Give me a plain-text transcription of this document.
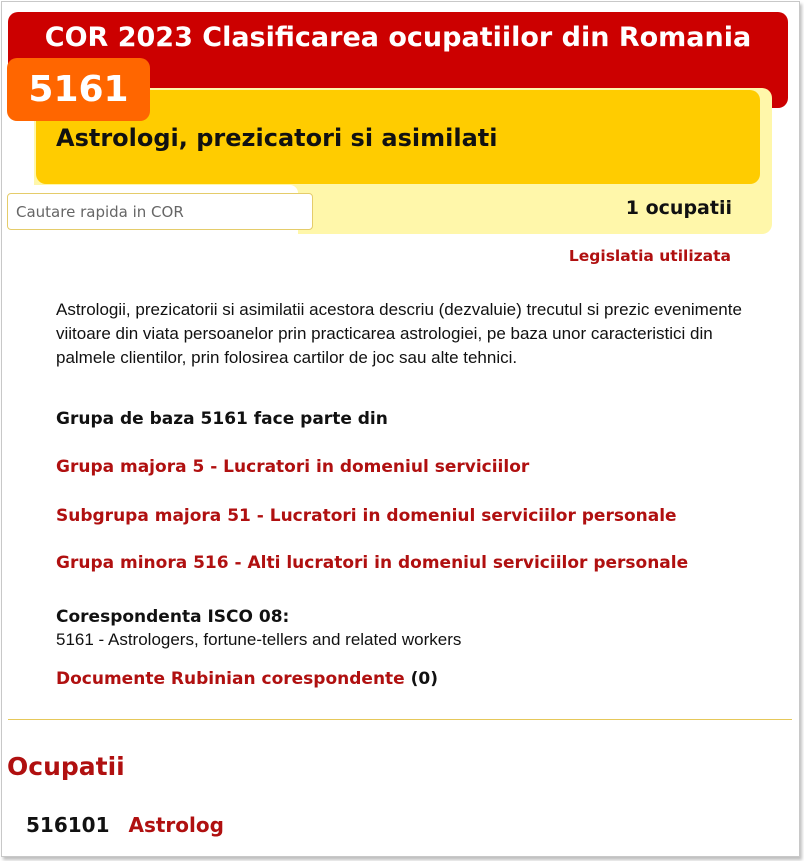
COR 2023 Clasificarea ocupatiilor din Romania
5161
Astrologi, prezicatori si asimilati
Cautare rapida in COR
1 ocupatii
Legislatia utilizata

Astrologii, prezicatorii si asimilatii acestora descriu (dezvaluie) trecutul si prezic evenimente viitoare din viata persoanelor prin practicarea astrologiei, pe baza unor caracteristici din palmele clientilor, prin folosirea cartilor de joc sau alte tehnici.

Grupa de baza 5161 face parte din
Grupa majora 5 - Lucratori in domeniul serviciilor
Subgrupa majora 51 - Lucratori in domeniul serviciilor personale
Grupa minora 516 - Alti lucratori in domeniul serviciilor personale
Corespondenta ISCO 08:
5161 - Astrologers, fortune-tellers and related workers
Documente Rubinian corespondente (0)
Ocupatii
516101 Astrolog
